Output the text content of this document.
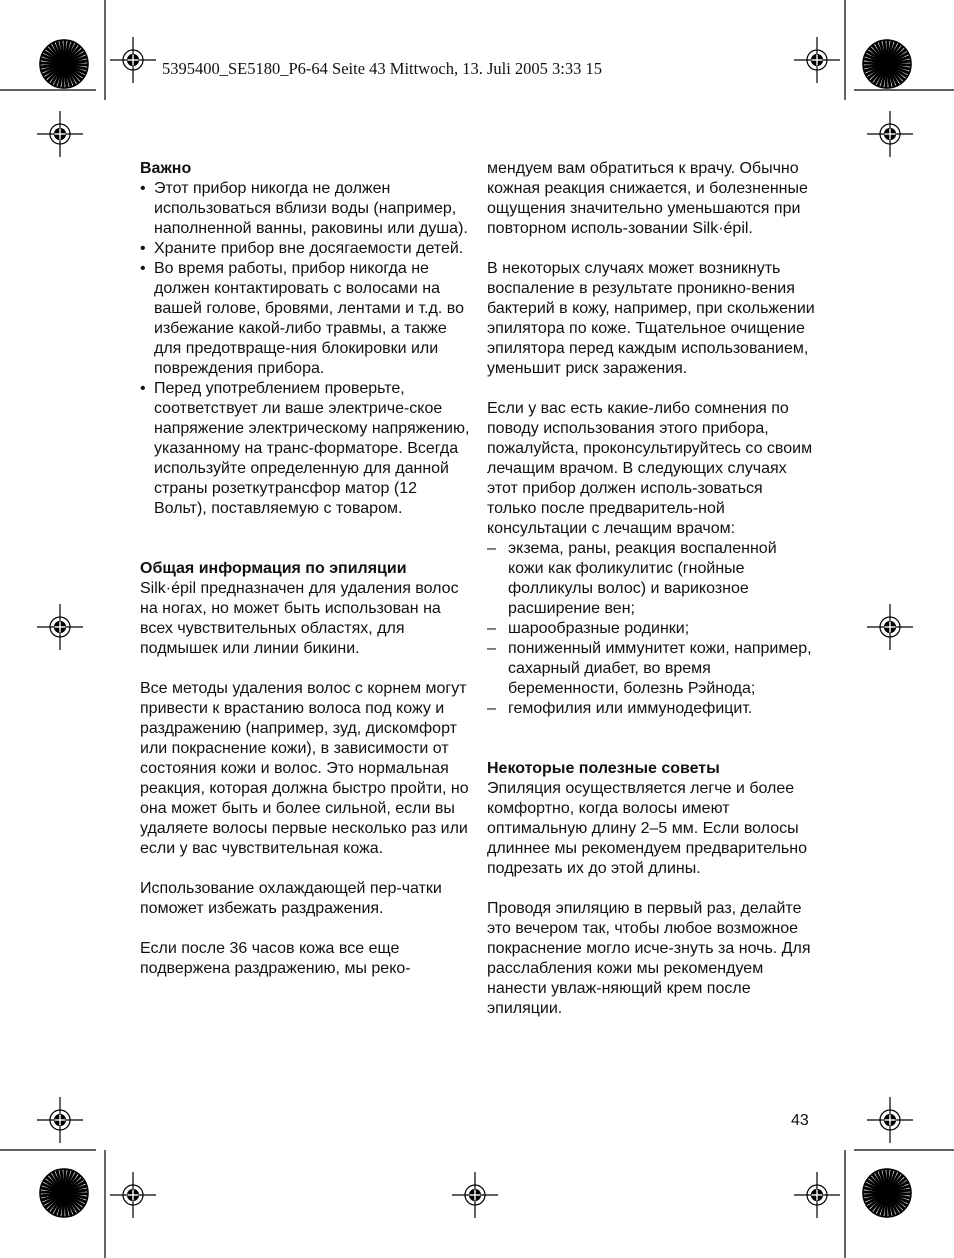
5395400_SE5180_P6-64 Seite 43 Mittwoch, 13. Juli 2005 3:33 15

Важно

• Этот прибор никогда не должен использоваться вблизи воды (например, наполненной ванны, раковины или душа).
• Храните прибор вне досягаемости детей.
• Во время работы, прибор никогда не должен контактировать с волосами на вашей голове, бровями, лентами и т.д. во избежание какой-либо травмы, а также для предотвраще-ния блокировки или повреждения прибора.
• Перед употреблением проверьте, соответствует ли ваше электриче-ское напряжение электрическому напряжению, указанному на транс-форматоре. Всегда используйте определенную для данной страны розеткутрансфор матор (12 Вольт), поставляемую с товаром.

Общая информация по эпиляции

Silk·épil предназначен для удаления волос на ногах, но может быть использован на всех чувствительных областях, для подмышек или линии бикини.

Все методы удаления волос с корнем могут привести к врастанию волоса под кожу и раздражению (например, зуд, дискомфорт или покраснение кожи), в зависимости от состояния кожи и волос. Это нормальная реакция, которая должна быстро пройти, но она может быть и более сильной, если вы удаляете волосы первые несколько раз или если у вас чувствительная кожа.

Использование охлаждающей пер-чатки поможет избежать раздражения.

Если после 36 часов кожа все еще подвержена раздражению, мы реко-

мендуем вам обратиться к врачу. Обычно кожная реакция снижается, и болезненные ощущения значительно уменьшаются при повторном исполь-зовании Silk·épil.

В некоторых случаях может возникнуть воспаление в результате проникно-вения бактерий в кожу, например, при скольжении эпилятора по коже. Тщательное очищение эпилятора перед каждым использованием, уменьшит риск заражения.

Если у вас есть какие-либо сомнения по поводу использования этого прибора, пожалуйста, проконсультируйтесь со своим лечащим врачом. В следующих случаях этот прибор должен исполь-зоваться только после предваритель-ной консультации с лечащим врачом:

– экзема, раны, реакция воспаленной кожи как фоликулитис (гнойные фолликулы волос) и варикозное расширение вен;
– шарообразные родинки;
– пониженный иммунитет кожи, например, сахарный диабет, во время беременности, болезнь Рэйнода;
– гемофилия или иммунодефицит.

Некоторые полезные советы

Эпиляция осуществляется легче и более комфортно, когда волосы имеют оптимальную длину 2–5 мм. Если волосы длиннее мы рекомендуем предварительно подрезать их до этой длины.

Проводя эпиляцию в первый раз, делайте это вечером так, чтобы любое возможное покраснение могло исче-знуть за ночь. Для расслабления кожи мы рекомендуем нанести увлаж-няющий крем после эпиляции.

43
